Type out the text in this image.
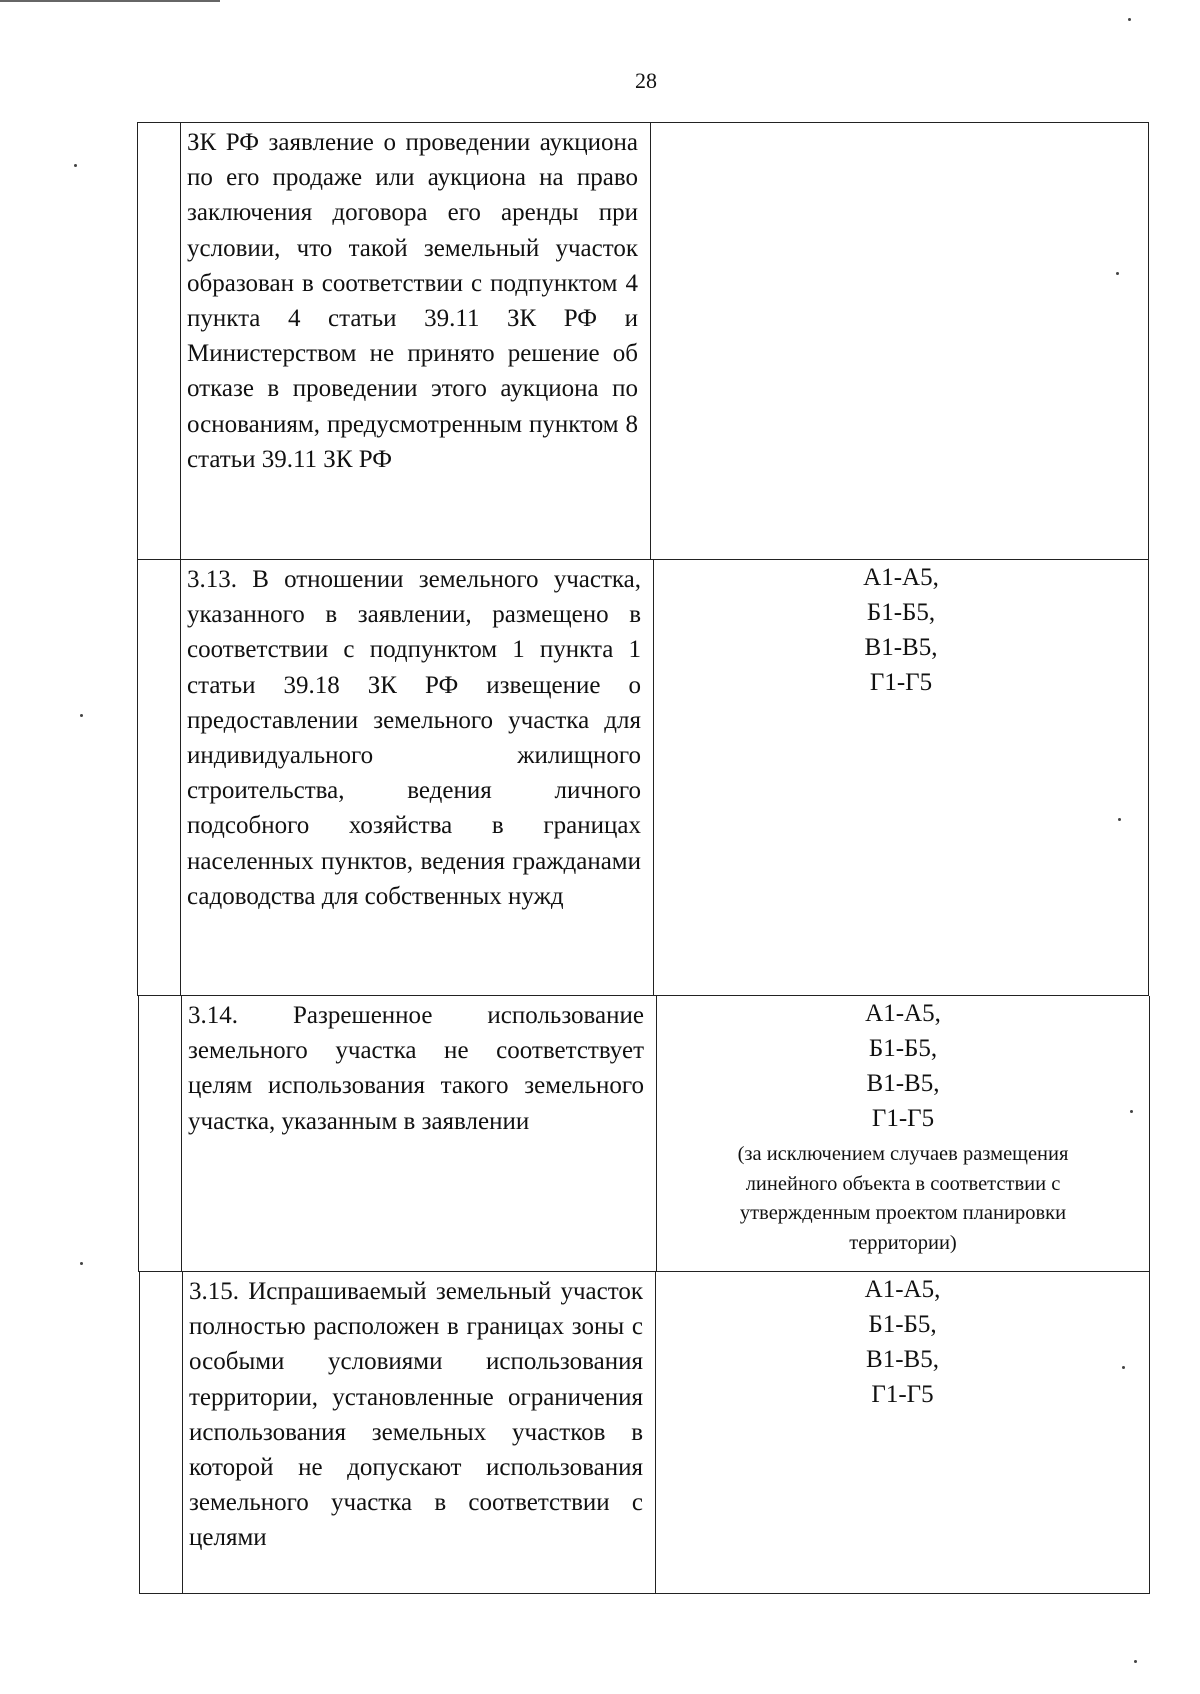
28
ЗК РФ заявление о проведении аукциона по его продаже или аукциона на право заключения договора его аренды при условии, что такой земельный участок образован в соответствии с подпунктом 4 пункта 4 статьи 39.11 ЗК РФ и Министерством не принято решение об отказе в проведении этого аукциона по основаниям, предусмотренным пунктом 8 статьи 39.11 ЗК РФ
3.13. В отношении земельного участка, указанного в заявлении, размещено в соответствии с подпунктом 1 пункта 1 статьи 39.18 ЗК РФ извещение о предоставлении земельного участка для индивидуального жилищного строительства, ведения личного подсобного хозяйства в границах населенных пунктов, ведения гражданами садоводства для собственных нужд
А1-А5,
Б1-Б5,
В1-В5,
Г1-Г5
3.14. Разрешенное использование земельного участка не соответствует целям использования такого земельного участка, указанным в заявлении
А1-А5,
Б1-Б5,
В1-В5,
Г1-Г5
(за исключением случаев размещения линейного объекта в соответствии с утвержденным проектом планировки территории)
3.15. Испрашиваемый земельный участок полностью расположен в границах зоны с особыми условиями использования территории, установленные ограничения использования земельных участков в которой не допускают использования земельного участка в соответствии с целями
А1-А5,
Б1-Б5,
В1-В5,
Г1-Г5
